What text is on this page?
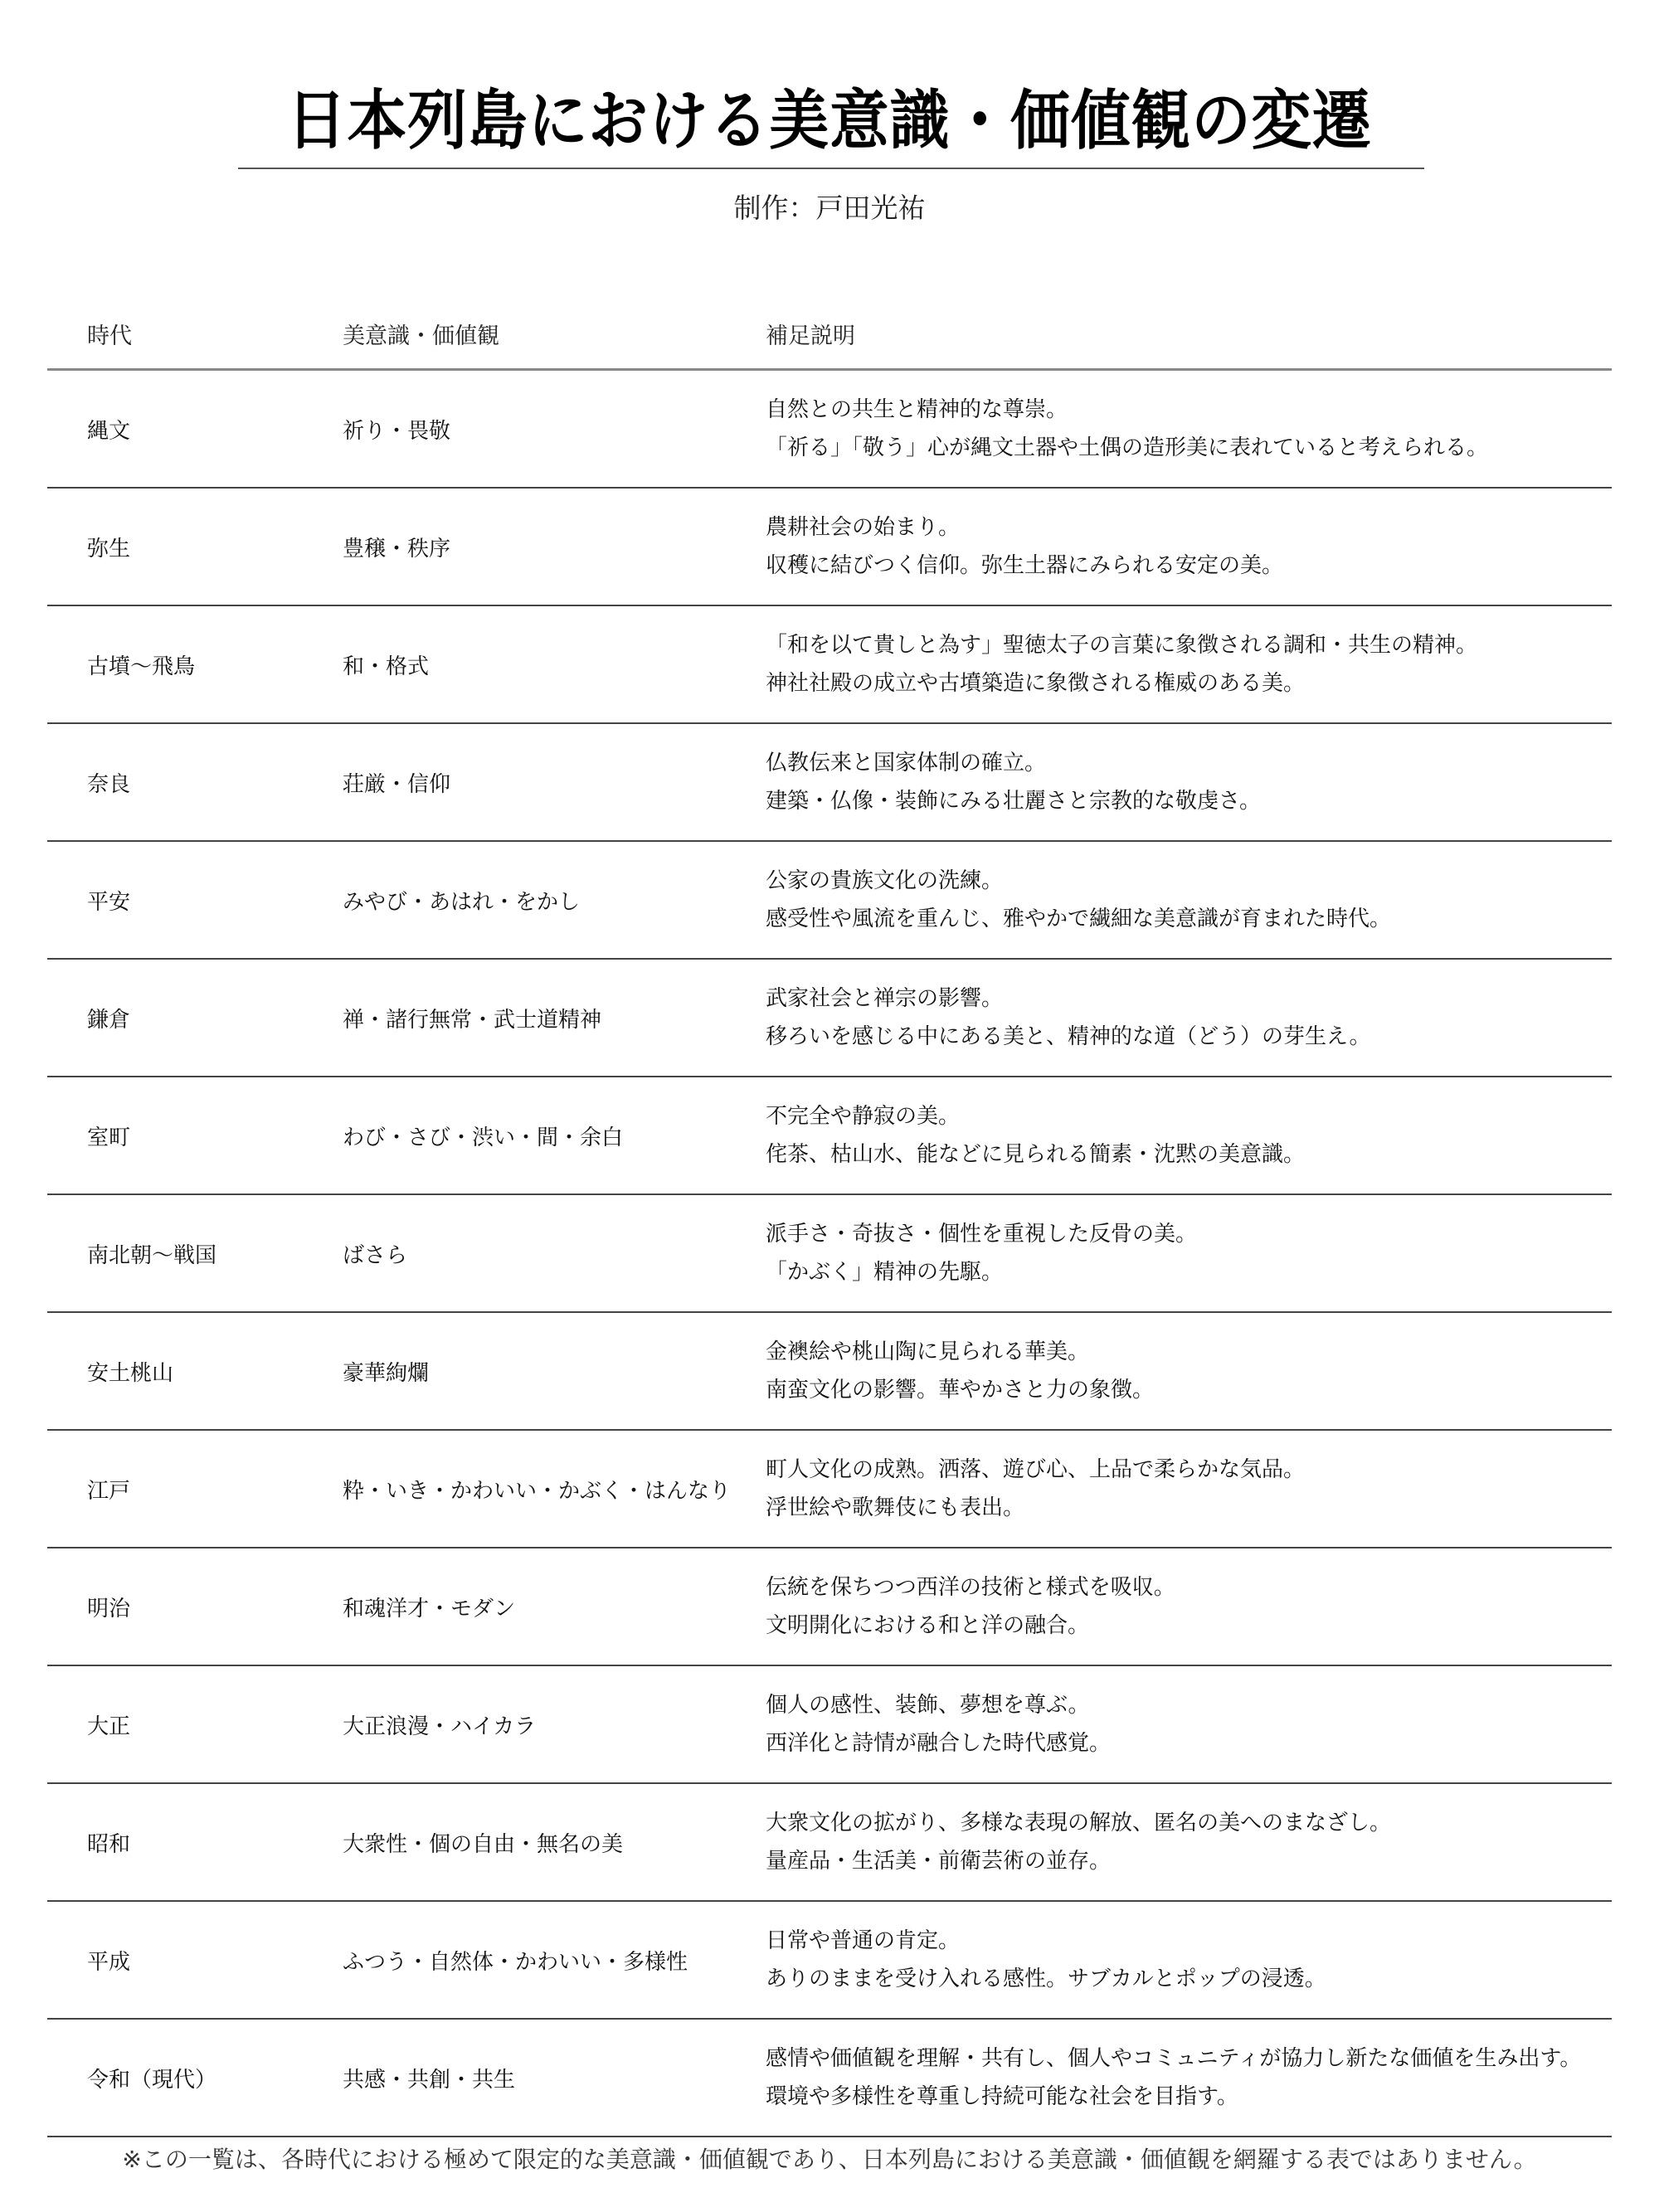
日本列島における美意識・価値観の変遷
制作：戸田光祐
時代	美意識・価値観	補足説明
縄文	祈り・畏敬
自然との共生と精神的な尊崇。
「祈る」「敬う」心が縄文土器や土偶の造形美に表れていると考えられる。
弥生	豊穣・秩序
農耕社会の始まり。
収穫に結びつく信仰。弥生土器にみられる安定の美。
古墳〜飛鳥	和・格式
「和を以て貴しと為す」聖徳太子の言葉に象徴される調和・共生の精神。
神社社殿の成立や古墳築造に象徴される権威のある美。
奈良	荘厳・信仰
仏教伝来と国家体制の確立。
建築・仏像・装飾にみる壮麗さと宗教的な敬虔さ。
平安	みやび・あはれ・をかし
公家の貴族文化の洗練。
感受性や風流を重んじ、雅やかで繊細な美意識が育まれた時代。
鎌倉	禅・諸行無常・武士道精神
武家社会と禅宗の影響。
移ろいを感じる中にある美と、精神的な道（どう）の芽生え。
室町	わび・さび・渋い・間・余白
不完全や静寂の美。
侘茶、枯山水、能などに見られる簡素・沈黙の美意識。
南北朝〜戦国	ばさら
派手さ・奇抜さ・個性を重視した反骨の美。
「かぶく」精神の先駆。
安土桃山	豪華絢爛
金襖絵や桃山陶に見られる華美。
南蛮文化の影響。華やかさと力の象徴。
江戸	粋・いき・かわいい・かぶく・はんなり
町人文化の成熟。洒落、遊び心、上品で柔らかな気品。
浮世絵や歌舞伎にも表出。
明治	和魂洋才・モダン
伝統を保ちつつ西洋の技術と様式を吸収。
文明開化における和と洋の融合。
大正	大正浪漫・ハイカラ
個人の感性、装飾、夢想を尊ぶ。
西洋化と詩情が融合した時代感覚。
昭和	大衆性・個の自由・無名の美
大衆文化の拡がり、多様な表現の解放、匿名の美へのまなざし。
量産品・生活美・前衛芸術の並存。
平成	ふつう・自然体・かわいい・多様性
日常や普通の肯定。
ありのままを受け入れる感性。サブカルとポップの浸透。
令和（現代）	共感・共創・共生
感情や価値観を理解・共有し、個人やコミュニティが協力し新たな価値を生み出す。
環境や多様性を尊重し持続可能な社会を目指す。
※この一覧は、各時代における極めて限定的な美意識・価値観であり、日本列島における美意識・価値観を網羅する表ではありません。
